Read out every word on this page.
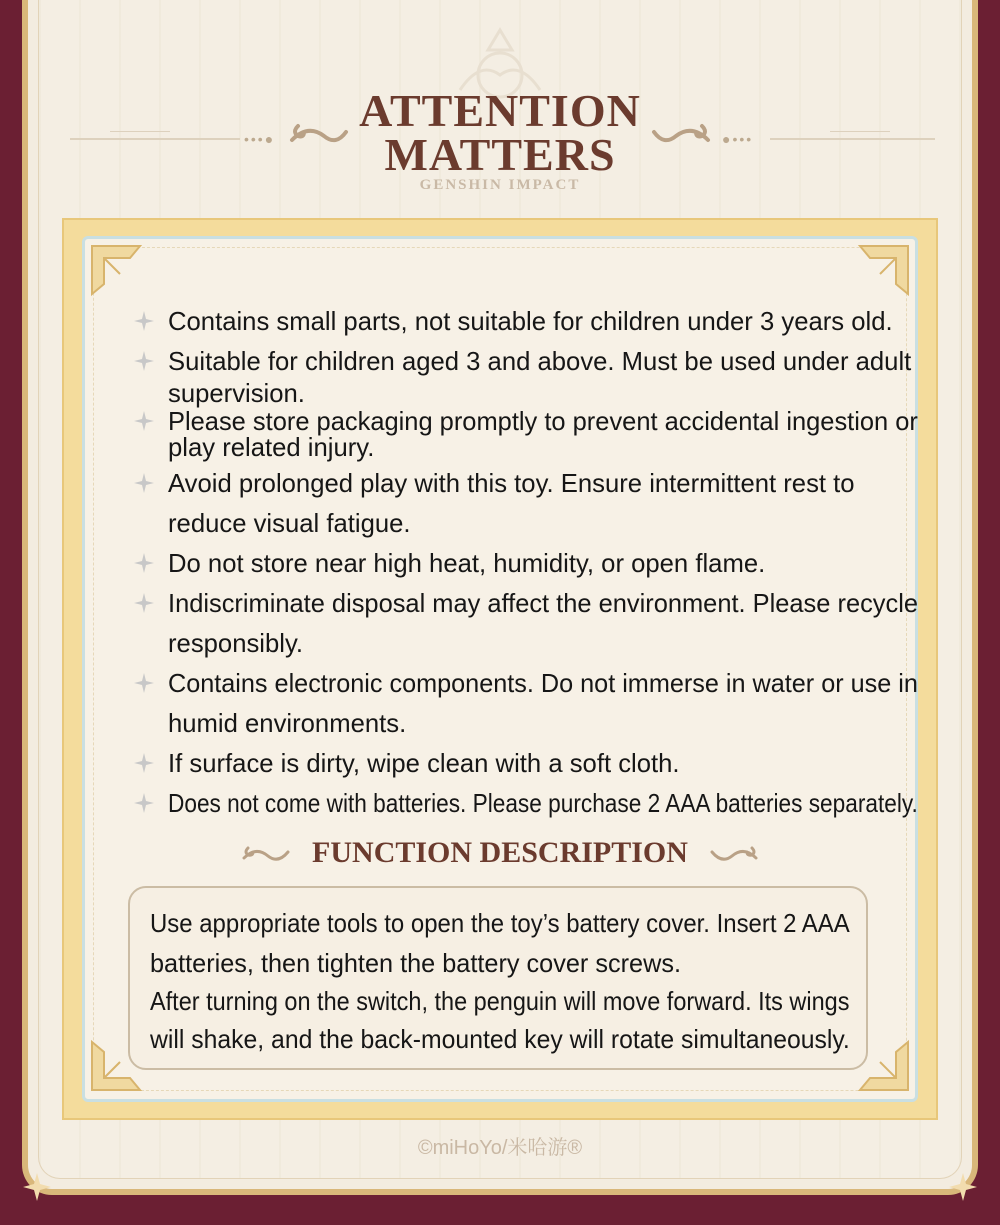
•••●	●•••
ATTENTION
MATTERS
GENSHIN IMPACT
Contains small parts, not suitable for children under 3 years old.
Suitable for children aged 3 and above. Must be used under adult
supervision.
Please store packaging promptly to prevent accidental ingestion or
play related injury.
Avoid prolonged play with this toy. Ensure intermittent rest to
reduce visual fatigue.
Do not store near high heat, humidity, or open flame.
Indiscriminate disposal may affect the environment. Please recycle
responsibly.
Contains electronic components. Do not immerse in water or use in
humid environments.
If surface is dirty, wipe clean with a soft cloth.
Does not come with batteries. Please purchase 2 AAA batteries separately.
FUNCTION DESCRIPTION
Use appropriate tools to open the toy’s battery cover. Insert 2 AAA
batteries, then tighten the battery cover screws.
After turning on the switch, the penguin will move forward. Its wings
will shake, and the back-mounted key will rotate simultaneously.
©miHoYo/米哈游®
